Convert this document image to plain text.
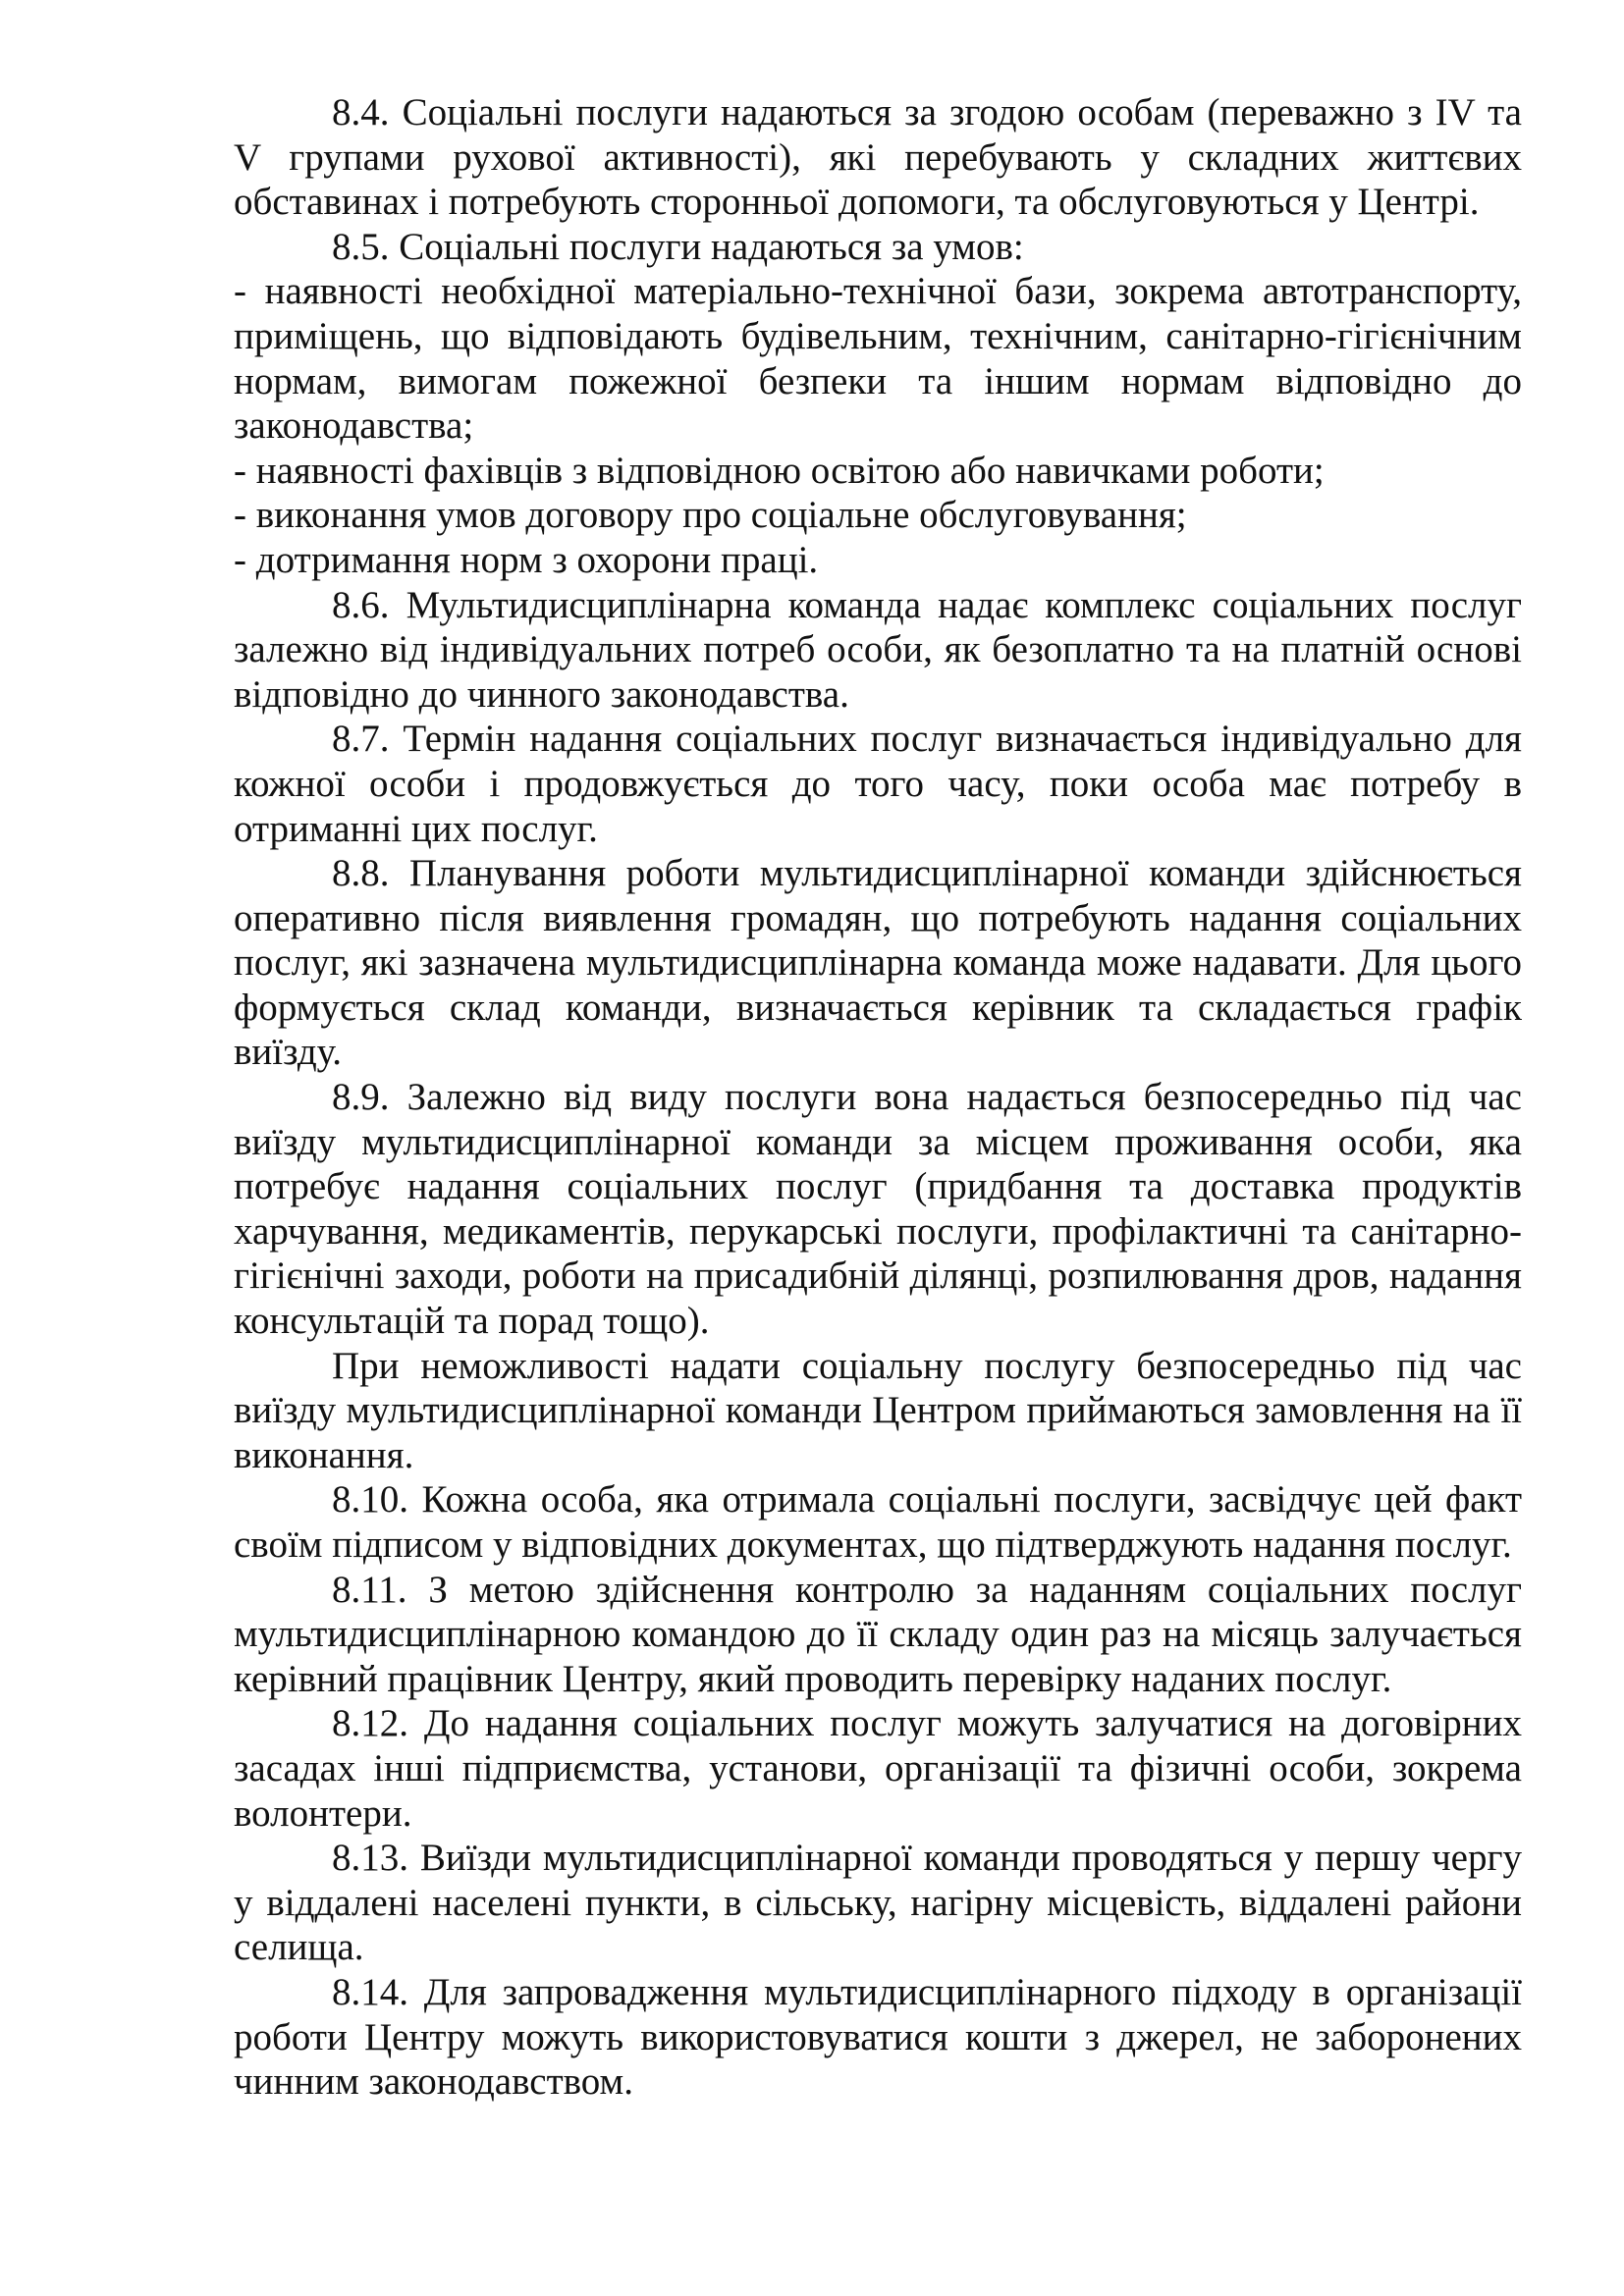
8.4. Соціальні послуги надаються за згодою особам (переважно з ІV та V групами рухової активності), які перебувають у складних життєвих обставинах і потребують сторонньої допомоги, та обслуговуються у Центрі.

8.5. Соціальні послуги надаються за умов:

- наявності необхідної матеріально-технічної бази, зокрема автотранспорту, приміщень, що відповідають будівельним, технічним, санітарно-гігієнічним нормам, вимогам пожежної безпеки та іншим нормам відповідно до законодавства;

- наявності фахівців з відповідною освітою або навичками роботи;

- виконання умов договору про соціальне обслуговування;

- дотримання норм з охорони праці.

8.6. Мультидисциплінарна команда надає комплекс соціальних послуг залежно від індивідуальних потреб особи, як безоплатно та на платній основі відповідно до чинного законодавства.

8.7. Термін надання соціальних послуг визначається індивідуально для кожної особи і продовжується до того часу, поки особа має потребу в отриманні цих послуг.

8.8. Планування роботи мультидисциплінарної команди здійснюється оперативно після виявлення громадян, що потребують надання соціальних послуг, які зазначена мультидисциплінарна команда може надавати. Для цього формується склад команди, визначається керівник та складається графік виїзду.

8.9. Залежно від виду послуги вона надається безпосередньо під час виїзду мультидисциплінарної команди за місцем проживання особи, яка потребує надання соціальних послуг (придбання та доставка продуктів харчування, медикаментів, перукарські послуги, профілактичні та санітарно-гігієнічні заходи, роботи на присадибній ділянці, розпилювання дров, надання консультацій та порад тощо).

При неможливості надати соціальну послугу безпосередньо під час виїзду мультидисциплінарної команди Центром приймаються замовлення на її виконання.

8.10. Кожна особа, яка отримала соціальні послуги, засвідчує цей факт своїм підписом у відповідних документах, що підтверджують надання послуг.

8.11. З метою здійснення контролю за наданням соціальних послуг мультидисциплінарною командою до її складу один раз на місяць залучається керівний працівник Центру, який проводить перевірку наданих послуг.

8.12. До надання соціальних послуг можуть залучатися на договірних засадах інші підприємства, установи, організації та фізичні особи, зокрема волонтери.

8.13. Виїзди мультидисциплінарної команди проводяться у першу чергу у віддалені населені пункти, в сільську, нагірну місцевість, віддалені райони селища.

8.14. Для запровадження мультидисциплінарного підходу в організації роботи Центру можуть використовуватися кошти з джерел, не заборонених чинним законодавством.
